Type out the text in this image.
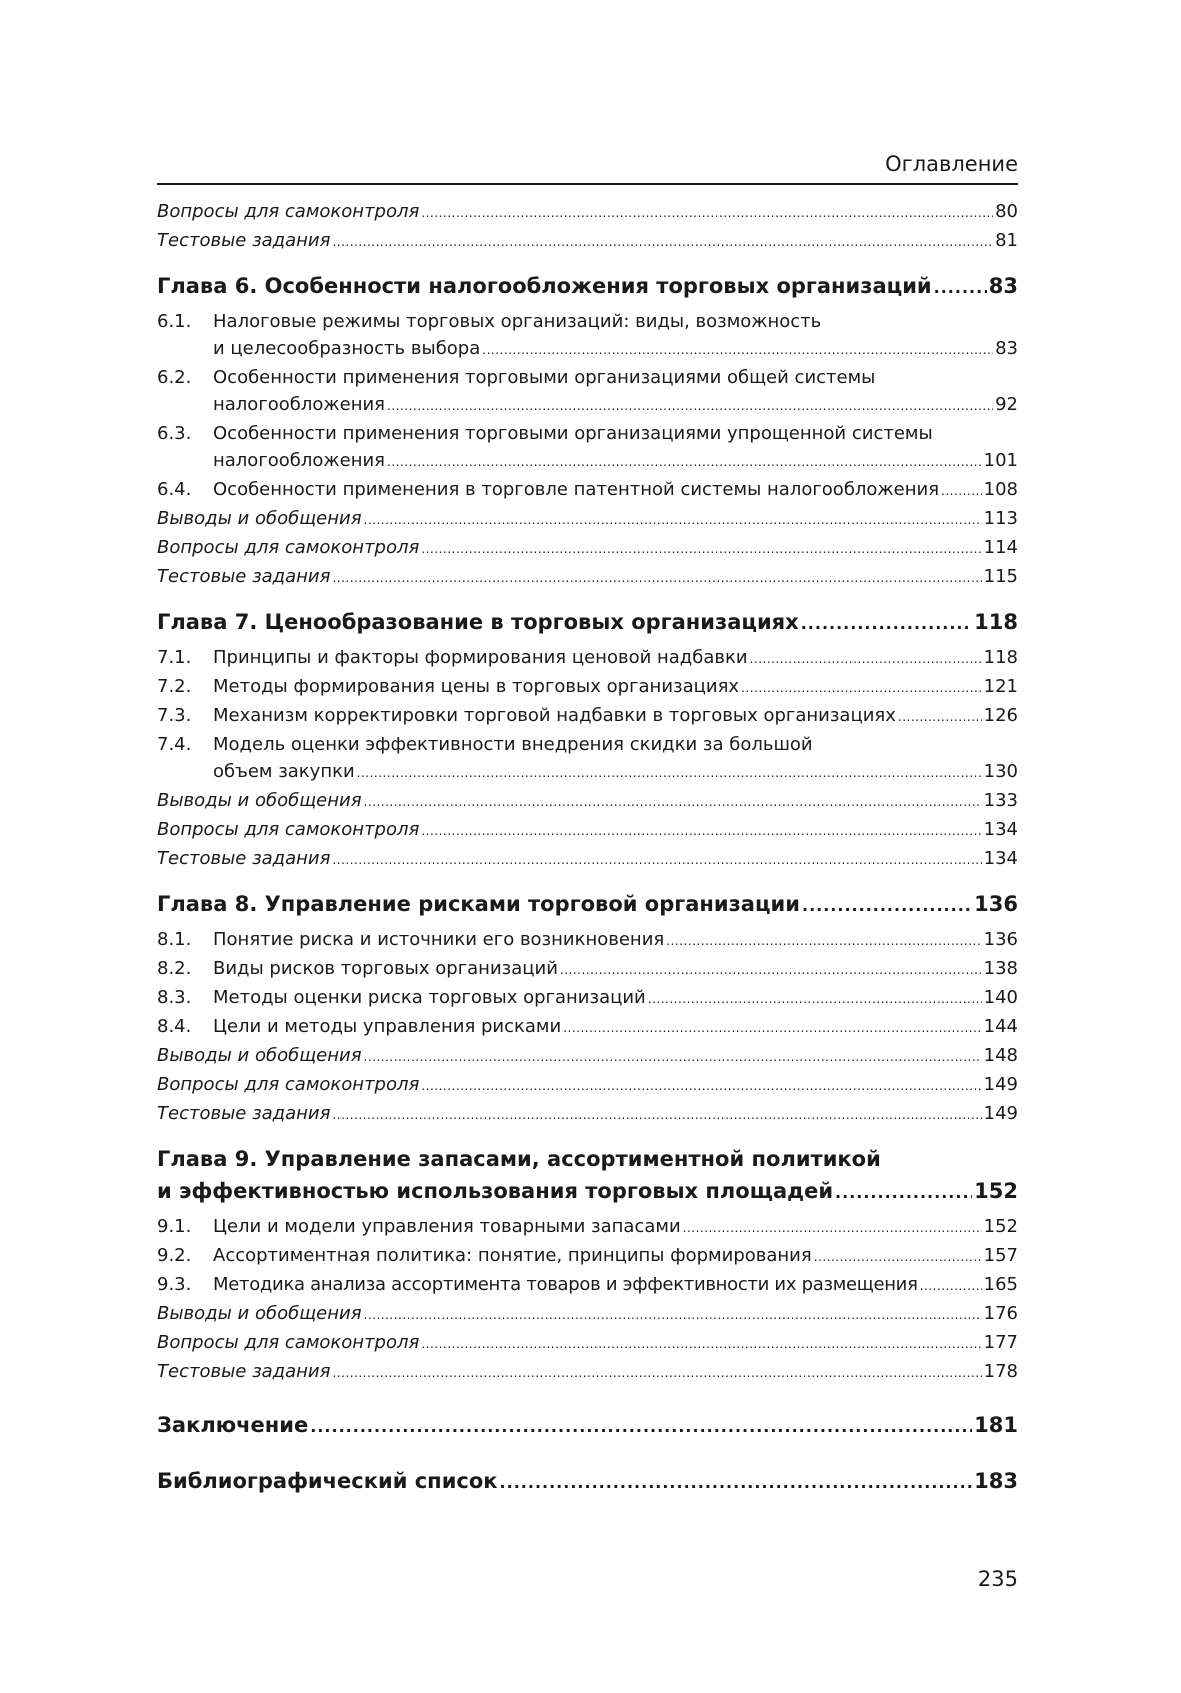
Оглавление
Вопросы для самоконтроля .....	80
Тестовые задания .....	81
Глава 6. Особенности налогообложения торговых организаций .....	83
6.1.	Налоговые режимы торговых организаций: виды, возможность
и целесообразность выбора .....	83
6.2.	Особенности применения торговыми организациями общей системы
налогообложения .....	92
6.3.	Особенности применения торговыми организациями упрощенной системы
налогообложения .....	101
6.4.	Особенности применения в торговле патентной системы налогообложения ..... 108
Выводы и обобщения .....	113
Вопросы для самоконтроля .....	114
Тестовые задания .....	115
Глава 7. Ценообразование в торговых организациях .....	118
7.1.	Принципы и факторы формирования ценовой надбавки .....	118
7.2.	Методы формирования цены в торговых организациях .....	121
7.3.	Механизм корректировки торговой надбавки в торговых организациях .....	126
7.4.	Модель оценки эффективности внедрения скидки за большой
объем закупки .....	130
Выводы и обобщения .....	133
Вопросы для самоконтроля .....	134
Тестовые задания .....	134
Глава 8. Управление рисками торговой организации .....	136
8.1.	Понятие риска и источники его возникновения .....	136
8.2.	Виды рисков торговых организаций .....	138
8.3.	Методы оценки риска торговых организаций .....	140
8.4.	Цели и методы управления рисками .....	144
Выводы и обобщения .....	148
Вопросы для самоконтроля .....	149
Тестовые задания .....	149
Глава 9. Управление запасами, ассортиментной политикой
и эффективностью использования торговых площадей .....	152
9.1.	Цели и модели управления товарными запасами .....	152
9.2.	Ассортиментная политика: понятие, принципы формирования .....	157
9.3.	Методика анализа ассортимента товаров и эффективности их размещения .....	165
Выводы и обобщения .....	176
Вопросы для самоконтроля .....	177
Тестовые задания .....	178
Заключение .....	181
Библиографический список .....	183
235
